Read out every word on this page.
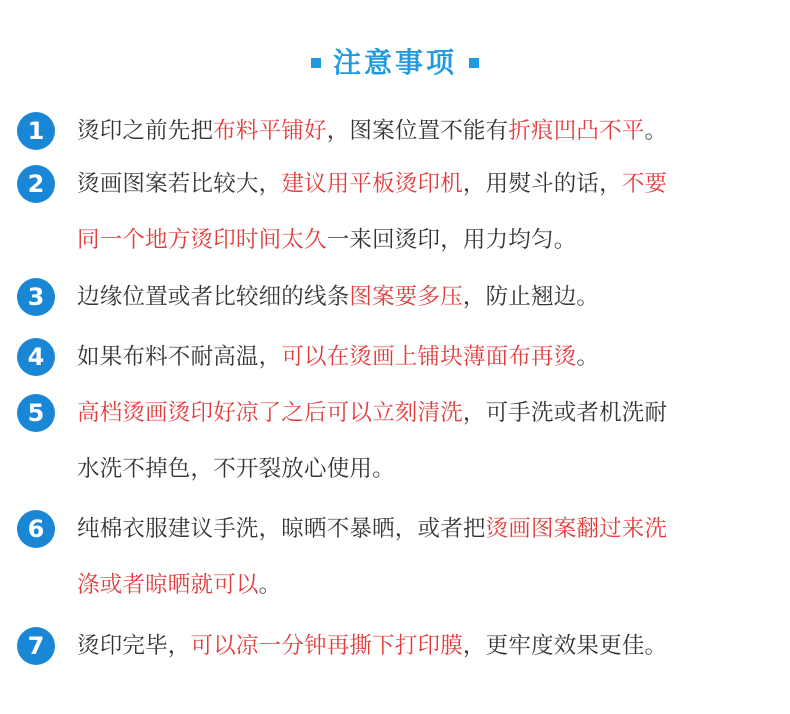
注意事项
1	烫印之前先把布料平铺好，图案位置不能有折痕凹凸不平。
2	烫画图案若比较大，建议用平板烫印机，用熨斗的话，不要
同一个地方烫印时间太久一来回烫印，用力均匀。
3	边缘位置或者比较细的线条图案要多压，防止翘边。
4	如果布料不耐高温，可以在烫画上铺块薄面布再烫。
5	高档烫画烫印好凉了之后可以立刻清洗，可手洗或者机洗耐
水洗不掉色，不开裂放心使用。
6	纯棉衣服建议手洗，晾晒不暴晒，或者把烫画图案翻过来洗
涤或者晾晒就可以。
7	烫印完毕，可以凉一分钟再撕下打印膜，更牢度效果更佳。
